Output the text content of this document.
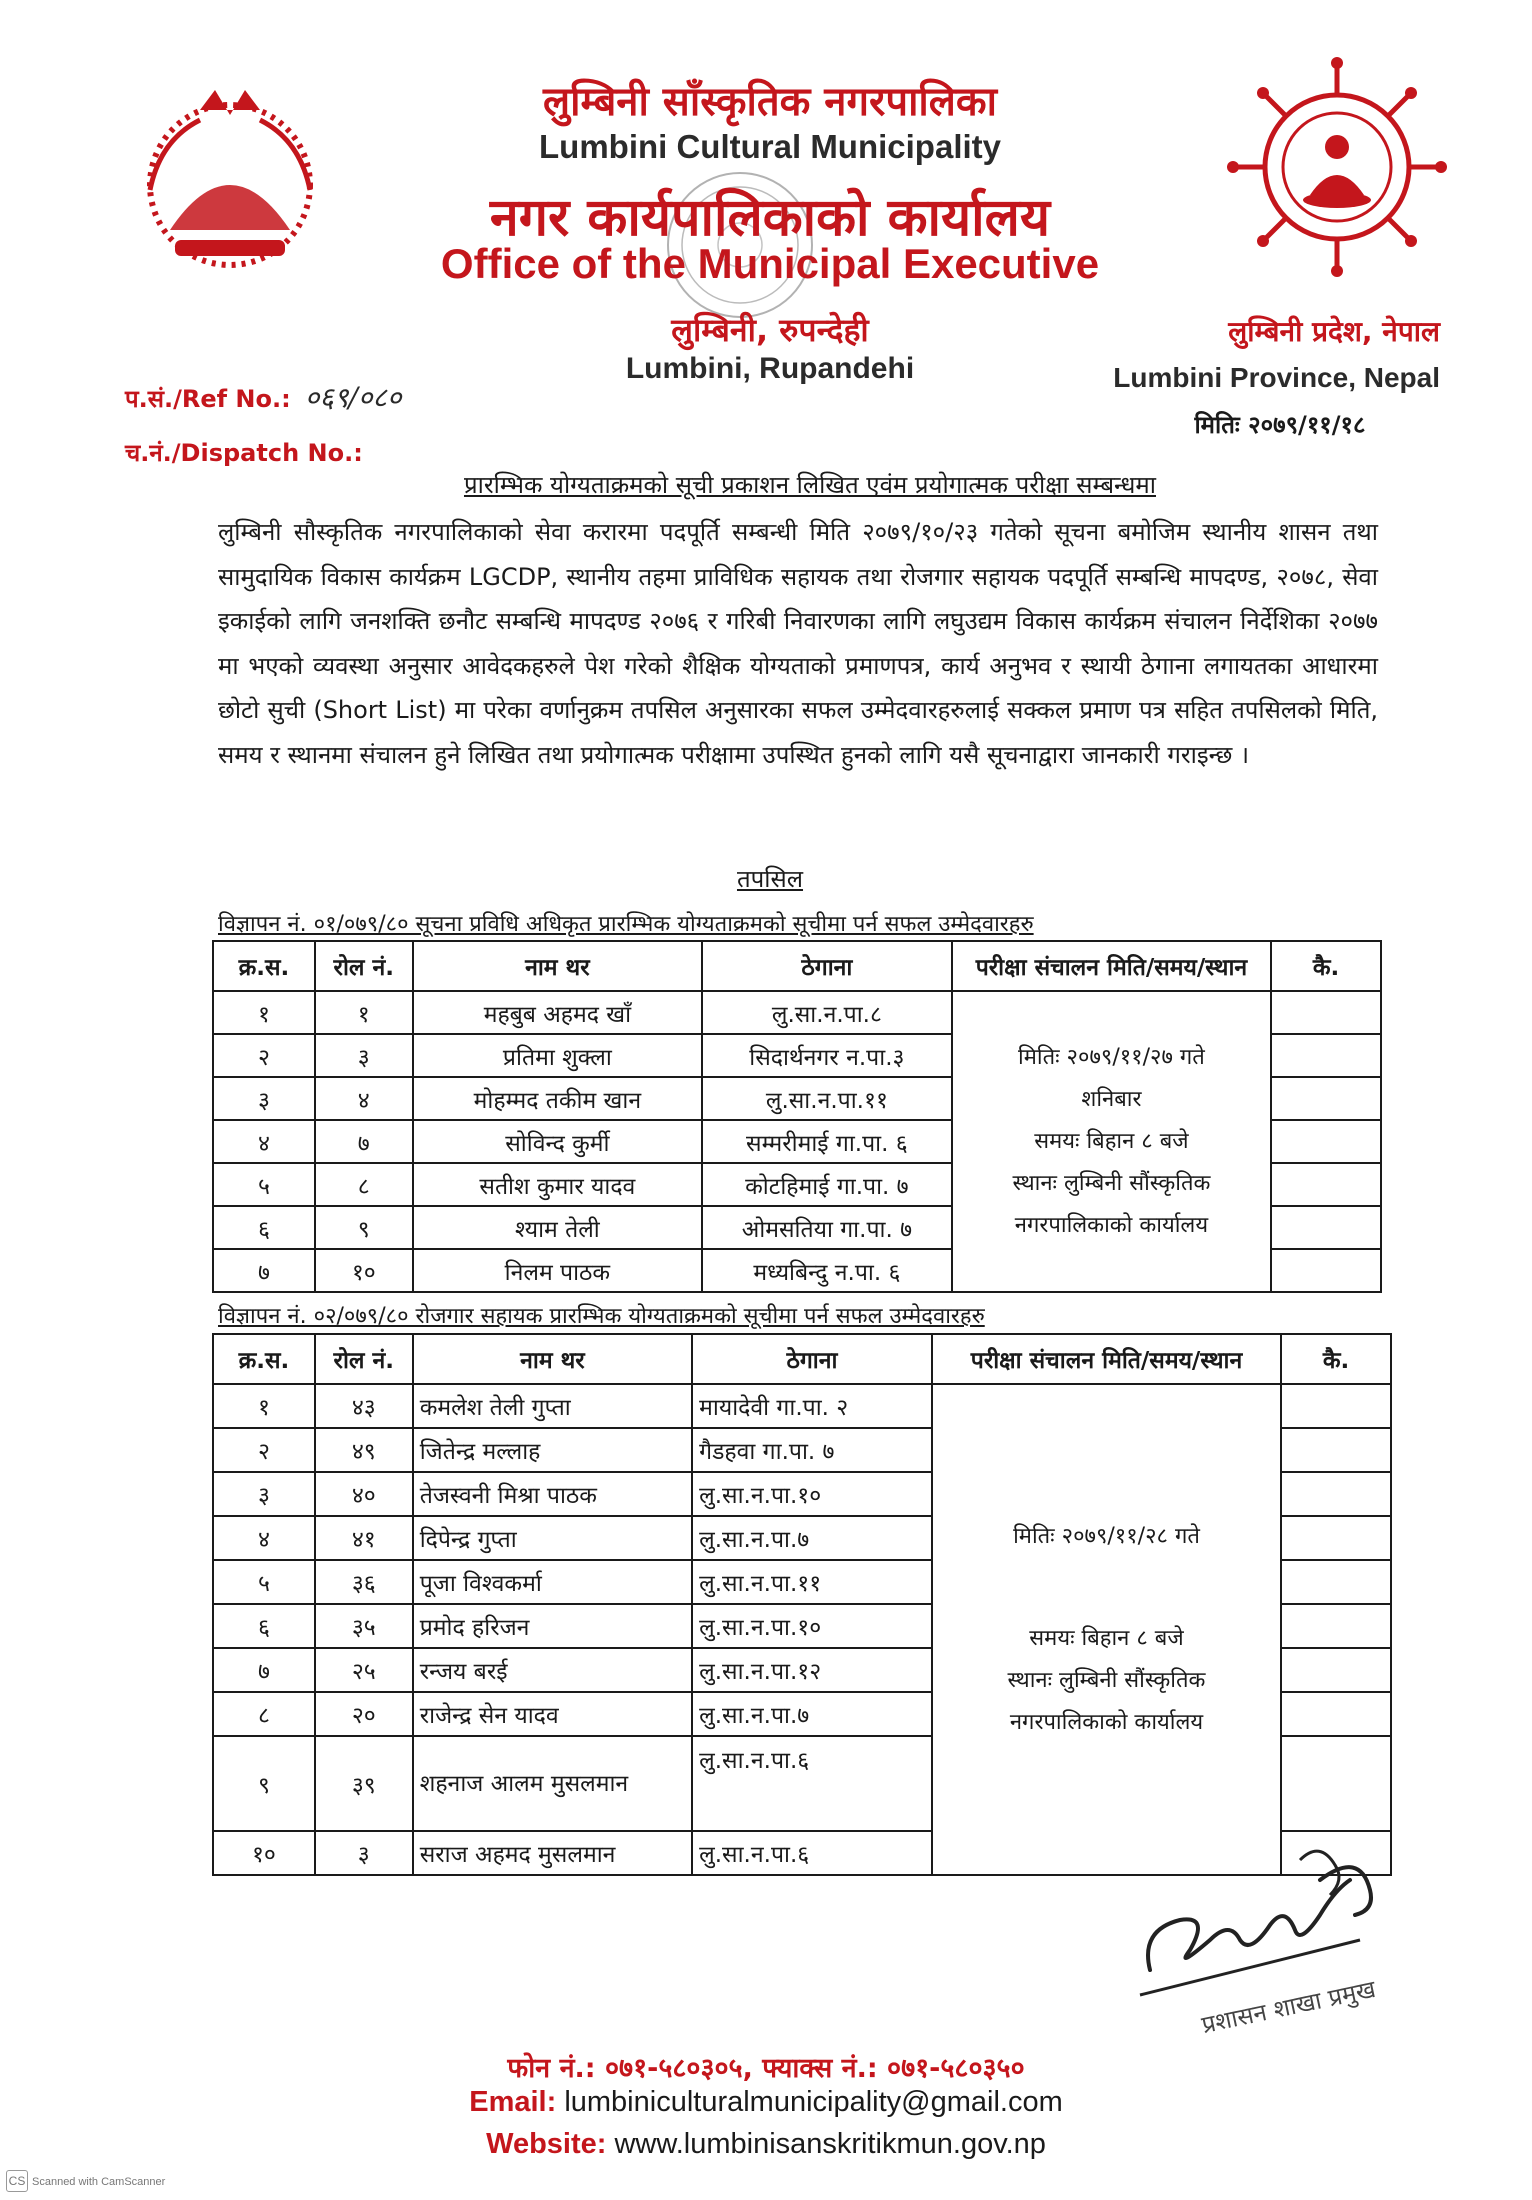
लुम्बिनी साँस्कृतिक नगरपालिका
Lumbini Cultural Municipality
नगर कार्यपालिकाको कार्यालय
Office of the Municipal Executive
लुम्बिनी, रुपन्देही
Lumbini, Rupandehi
लुम्बिनी प्रदेश, नेपाल
Lumbini Province, Nepal
मितिः २०७९/११/१८
प.सं./Ref No.: ०६९/०८०
च.नं./Dispatch No.:
प्रारम्भिक योग्यताक्रमको सूची प्रकाशन लिखित एवंम प्रयोगात्मक परीक्षा सम्बन्धमा
लुम्बिनी सौस्कृतिक नगरपालिकाको सेवा करारमा पदपूर्ति सम्बन्धी मिति २०७९/१०/२३ गतेको सूचना बमोजिम स्थानीय शासन तथा सामुदायिक विकास कार्यक्रम LGCDP, स्थानीय तहमा प्राविधिक सहायक तथा रोजगार सहायक पदपूर्ति सम्बन्धि मापदण्ड, २०७८, सेवा इकाईको लागि जनशक्ति छनौट सम्बन्धि मापदण्ड २०७६ र गरिबी निवारणका लागि लघुउद्यम विकास कार्यक्रम संचालन निर्देशिका २०७७ मा भएको व्यवस्था अनुसार आवेदकहरुले पेश गरेको शैक्षिक योग्यताको प्रमाणपत्र, कार्य अनुभव र स्थायी ठेगाना लगायतका आधारमा छोटो सुची (Short List) मा परेका वर्णानुक्रम तपसिल अनुसारका सफल उम्मेदवारहरुलाई सक्कल प्रमाण पत्र सहित तपसिलको मिति, समय र स्थानमा संचालन हुने लिखित तथा प्रयोगात्मक परीक्षामा उपस्थित हुनको लागि यसै सूचनाद्वारा जानकारी गराइन्छ ।
तपसिल
विज्ञापन नं. ०१/०७९/८० सूचना प्रविधि अधिकृत प्रारम्भिक योग्यताक्रमको सूचीमा पर्न सफल उम्मेदवारहरु
क्र.स.	रोल नं.	नाम थर	ठेगाना	परीक्षा संचालन मिति/समय/स्थान	कै.
१	१	महबुब अहमद खाँ	लु.सा.न.पा.८	मितिः २०७९/११/२७ गते
शनिबार
समयः बिहान ८ बजे
स्थानः लुम्बिनी सौंस्कृतिक
नगरपालिकाको कार्यालय	

२	३	प्रतिमा शुक्ला	सिदार्थनगर न.पा.३		
३	४	मोहम्मद तकीम खान	लु.सा.न.पा.११		
४	७	सोविन्द कुर्मी	सम्मरीमाई गा.पा. ६		
५	८	सतीश कुमार यादव	कोटहिमाई गा.पा. ७		
६	९	श्याम तेली	ओमसतिया गा.पा. ७		
७	१०	निलम पाठक	मध्यबिन्दु न.पा. ६		
विज्ञापन नं. ०२/०७९/८० रोजगार सहायक प्रारम्भिक योग्यताक्रमको सूचीमा पर्न सफल उम्मेदवारहरु
क्र.स.	रोल नं.	नाम थर	ठेगाना	परीक्षा संचालन मिति/समय/स्थान	कै.
१	४३	कमलेश तेली गुप्ता	मायादेवी गा.पा. २	मितिः २०७९/११/२८ गते
समयः बिहान ८ बजे
स्थानः लुम्बिनी सौंस्कृतिक
नगरपालिकाको कार्यालय	

२	४९	जितेन्द्र मल्लाह	गैडहवा गा.पा. ७		
३	४०	तेजस्वनी मिश्रा पाठक	लु.सा.न.पा.१०		
४	४१	दिपेन्द्र गुप्ता	लु.सा.न.पा.७		
५	३६	पूजा विश्वकर्मा	लु.सा.न.पा.११		
६	३५	प्रमोद हरिजन	लु.सा.न.पा.१०		
७	२५	रन्जय बरई	लु.सा.न.पा.१२		
८	२०	राजेन्द्र सेन यादव	लु.सा.न.पा.७		
९	३९	शहनाज आलम मुसलमान	लु.सा.न.पा.६		
१०	३	सराज अहमद मुसलमान	लु.सा.न.पा.६		
प्रशासन शाखा प्रमुख
फोन नं.: ०७१-५८०३०५, फ्याक्स नं.: ०७१-५८०३५०
Email: lumbiniculturalmunicipality@gmail.com
Website: www.lumbinisanskritikmun.gov.np
CS Scanned with CamScanner
